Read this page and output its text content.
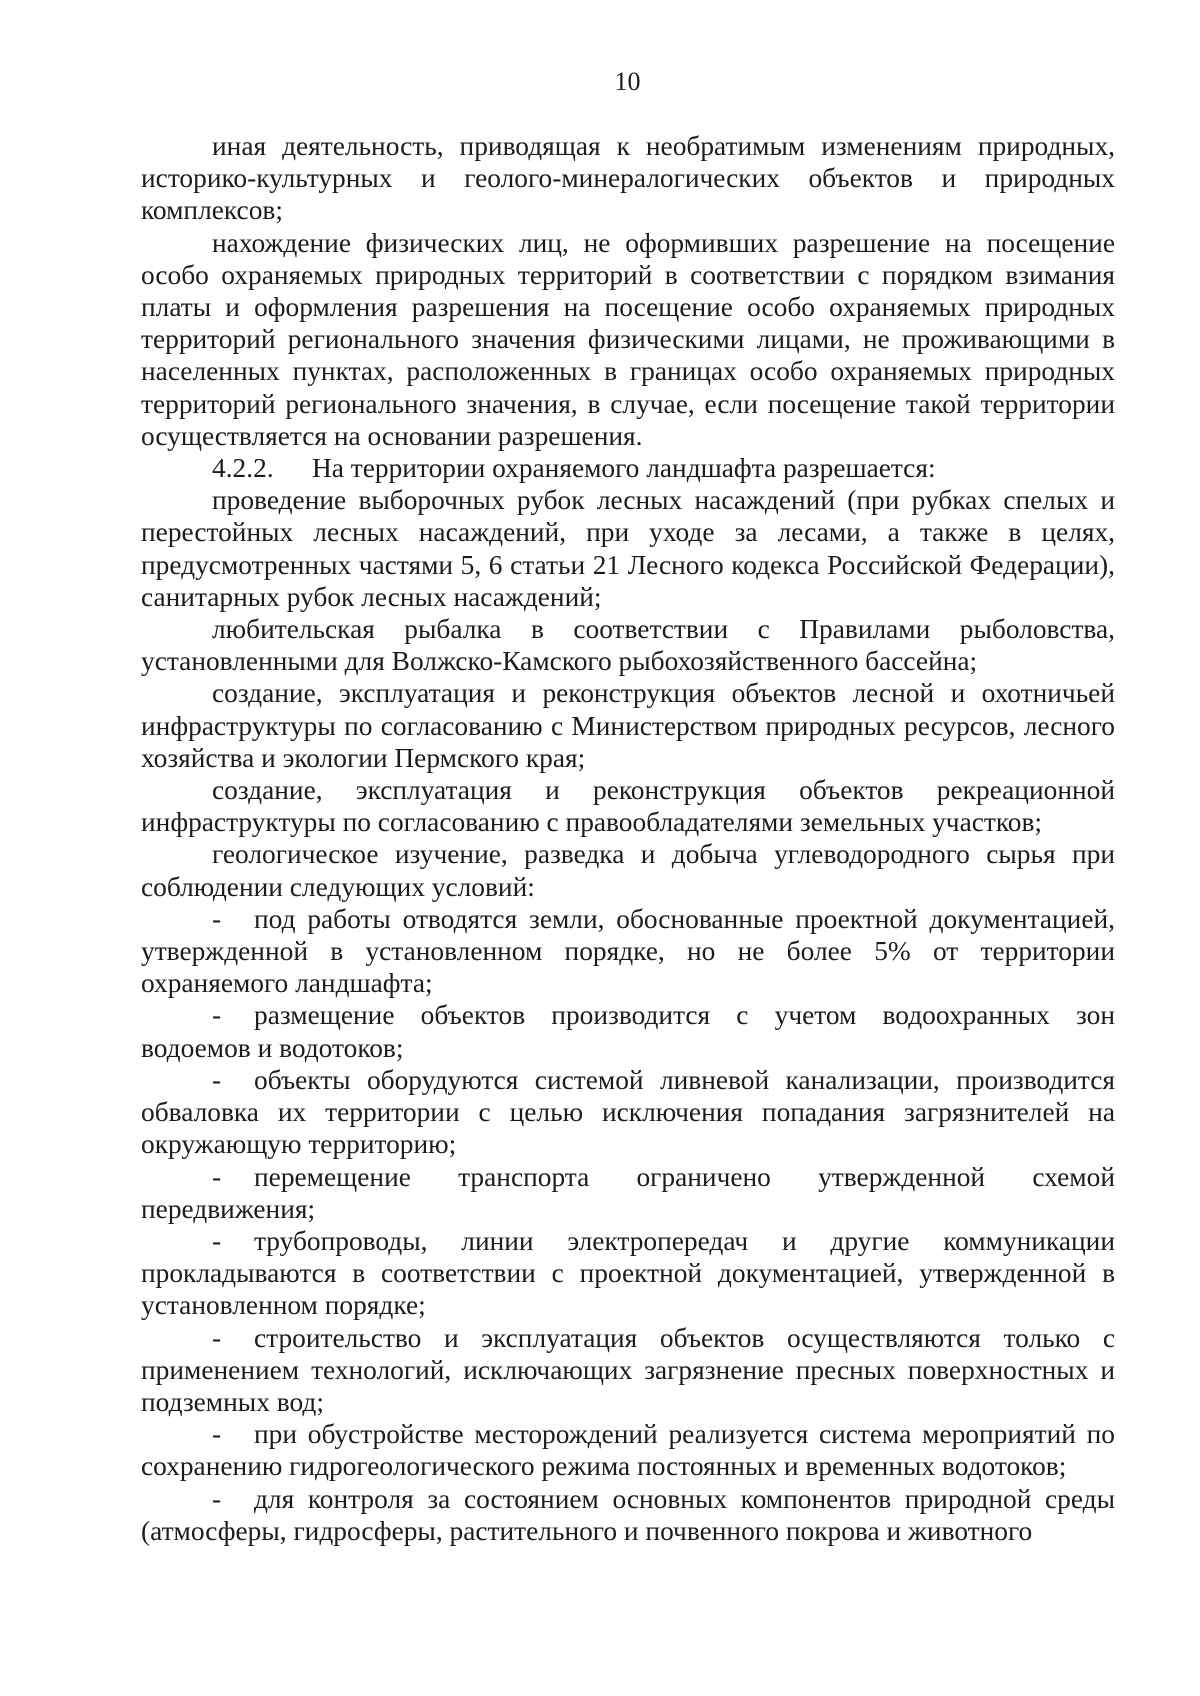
10

иная деятельность, приводящая к необратимым изменениям природных, историко-культурных и геолого-минералогических объектов и природных комплексов;

нахождение физических лиц, не оформивших разрешение на посещение особо охраняемых природных территорий в соответствии с порядком взимания платы и оформления разрешения на посещение особо охраняемых природных территорий регионального значения физическими лицами, не проживающими в населенных пунктах, расположенных в границах особо охраняемых природных территорий регионального значения, в случае, если посещение такой территории осуществляется на основании разрешения.

4.2.2. На территории охраняемого ландшафта разрешается:

проведение выборочных рубок лесных насаждений (при рубках спелых и перестойных лесных насаждений, при уходе за лесами, а также в целях, предусмотренных частями 5, 6 статьи 21 Лесного кодекса Российской Федерации), санитарных рубок лесных насаждений;

любительская рыбалка в соответствии с Правилами рыболовства, установленными для Волжско-Камского рыбохозяйственного бассейна;

создание, эксплуатация и реконструкция объектов лесной и охотничьей инфраструктуры по согласованию с Министерством природных ресурсов, лесного хозяйства и экологии Пермского края;

создание, эксплуатация и реконструкция объектов рекреационной инфраструктуры по согласованию с правообладателями земельных участков;

геологическое изучение, разведка и добыча углеводородного сырья при соблюдении следующих условий:

- под работы отводятся земли, обоснованные проектной документацией, утвержденной в установленном порядке, но не более 5% от территории охраняемого ландшафта;

- размещение объектов производится с учетом водоохранных зон водоемов и водотоков;

- объекты оборудуются системой ливневой канализации, производится обваловка их территории с целью исключения попадания загрязнителей на окружающую территорию;

- перемещение транспорта ограничено утвержденной схемой передвижения;

- трубопроводы, линии электропередач и другие коммуникации прокладываются в соответствии с проектной документацией, утвержденной в установленном порядке;

- строительство и эксплуатация объектов осуществляются только с применением технологий, исключающих загрязнение пресных поверхностных и подземных вод;

- при обустройстве месторождений реализуется система мероприятий по сохранению гидрогеологического режима постоянных и временных водотоков;

- для контроля за состоянием основных компонентов природной среды (атмосферы, гидросферы, растительного и почвенного покрова и животного
